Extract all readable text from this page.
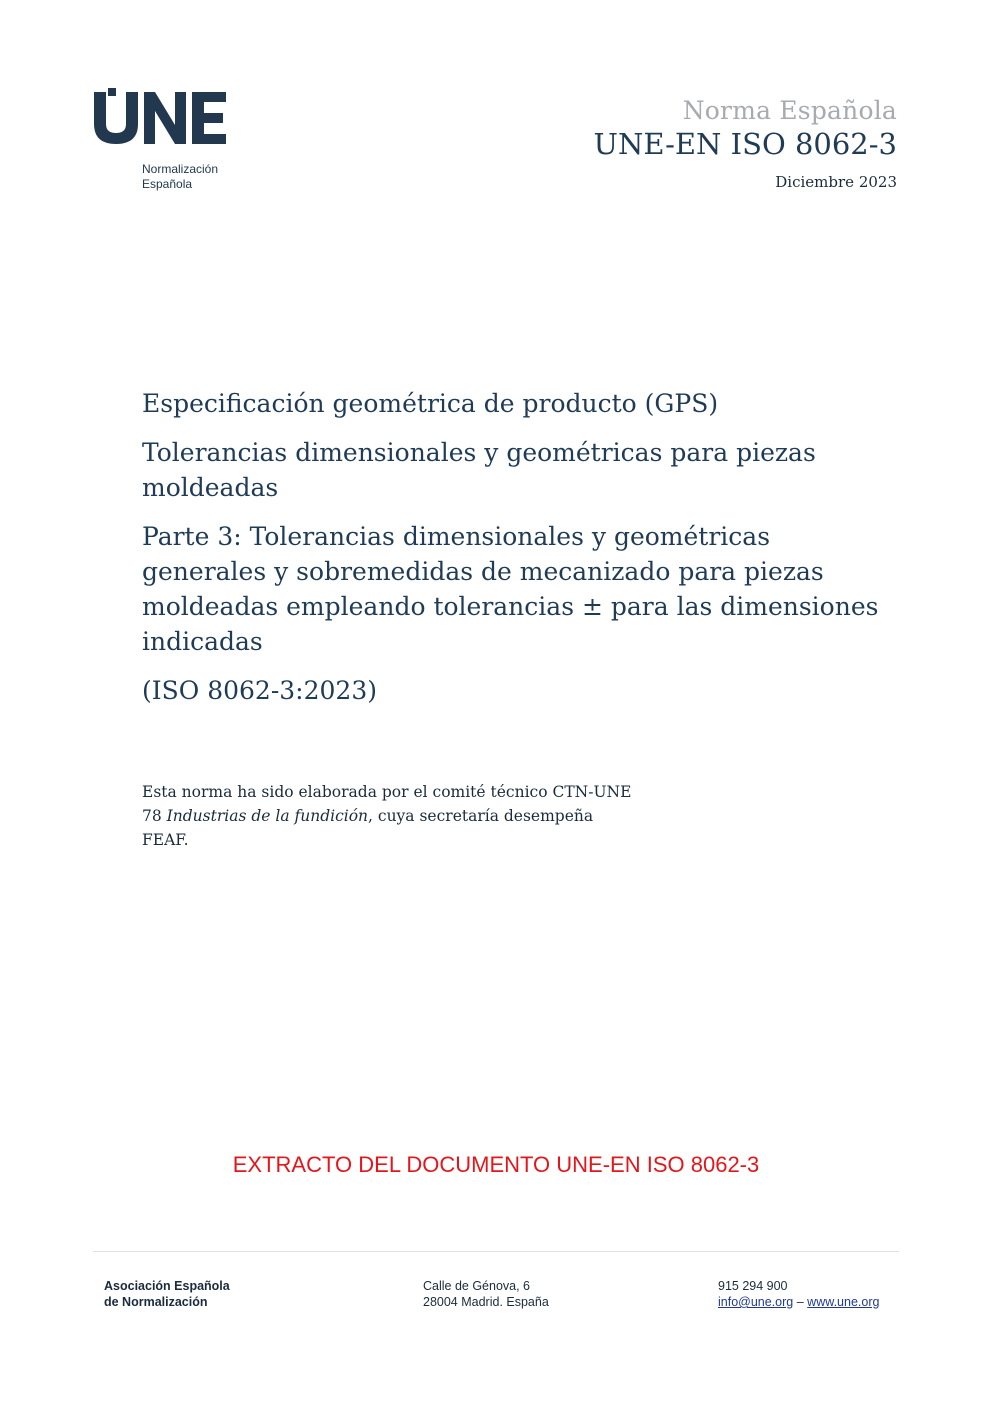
Normalización
Española
Norma Española
UNE-EN ISO 8062-3
Diciembre 2023

Especificación geométrica de producto (GPS)

Tolerancias dimensionales y geométricas para piezas moldeadas

Parte 3: Tolerancias dimensionales y geométricas generales y sobremedidas de mecanizado para piezas moldeadas empleando tolerancias ± para las dimensiones indicadas

(ISO 8062-3:2023)

Esta norma ha sido elaborada por el comité técnico CTN-UNE 78 Industrias de la fundición, cuya secretaría desempeña FEAF.
EXTRACTO DEL DOCUMENTO UNE-EN ISO 8062-3
Asociación Española
de Normalización
Calle de Génova, 6
28004 Madrid. España
915 294 900
info@une.org – www.une.org
